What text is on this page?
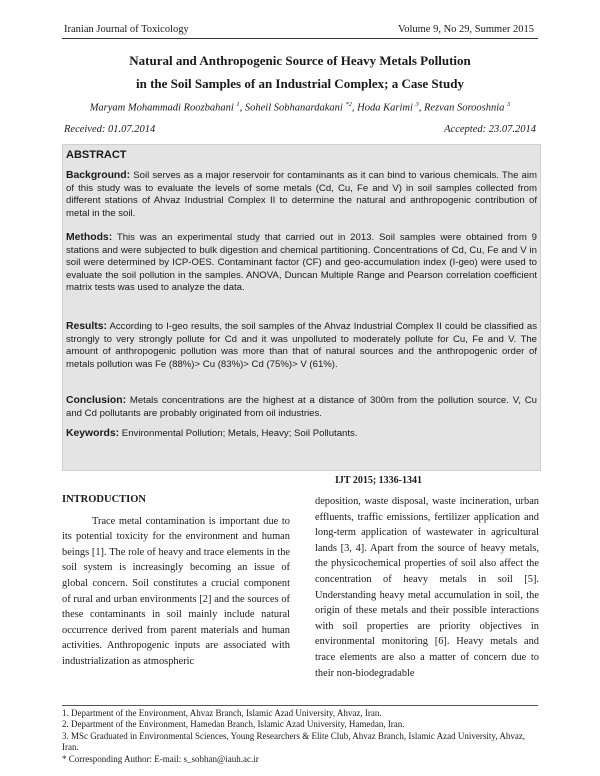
Iranian Journal of Toxicology	Volume 9, No 29, Summer 2015
Natural and Anthropogenic Source of Heavy Metals Pollution
in the Soil Samples of an Industrial Complex; a Case Study
Maryam Mohammadi Roozbahani $^1$, Soheil Sobhanardakani $^{*2}$, Hoda Karimi $^3$, Rezvan Sorooshnia $^3$
Received: 01.07.2014	Accepted: 23.07.2014
ABSTRACT

Background: Soil serves as a major reservoir for contaminants as it can bind to various chemicals. The aim of this study was to evaluate the levels of some metals (Cd, Cu, Fe and V) in soil samples collected from different stations of Ahvaz Industrial Complex II to determine the natural and anthropogenic contribution of metal in the soil.

Methods: This was an experimental study that carried out in 2013. Soil samples were obtained from 9 stations and were subjected to bulk digestion and chemical partitioning. Concentrations of Cd, Cu, Fe and V in soil were determined by ICP-OES. Contaminant factor (CF) and geo-accumulation index (I-geo) were used to evaluate the soil pollution in the samples. ANOVA, Duncan Multiple Range and Pearson correlation coefficient matrix tests was used to analyze the data.

Results: According to I-geo results, the soil samples of the Ahvaz Industrial Complex II could be classified as strongly to very strongly pollute for Cd and it was unpolluted to moderately pollute for Cu, Fe and V. The amount of anthropogenic pollution was more than that of natural sources and the anthropogenic order of metals pollution was Fe (88%)> Cu (83%)> Cd (75%)> V (61%).

Conclusion: Metals concentrations are the highest at a distance of 300m from the pollution source. V, Cu and Cd pollutants are probably originated from oil industries.

Keywords: Environmental Pollution; Metals, Heavy; Soil Pollutants.

IJT 2015; 1336-1341
INTRODUCTION

Trace metal contamination is important due to its potential toxicity for the environment and human beings [1]. The role of heavy and trace elements in the soil system is increasingly becoming an issue of global concern. Soil constitutes a crucial component of rural and urban environments [2] and the sources of these contaminants in soil mainly include natural occurrence derived from parent materials and human activities. Anthropogenic inputs are associated with industrialization as atmospheric

deposition, waste disposal, waste incineration, urban effluents, traffic emissions, fertilizer application and long-term application of wastewater in agricultural lands [3, 4]. Apart from the source of heavy metals, the physicochemical properties of soil also affect the concentration of heavy metals in soil [5]. Understanding heavy metal accumulation in soil, the origin of these metals and their possible interactions with soil properties are priority objectives in environmental monitoring [6]. Heavy metals and trace elements are also a matter of concern due to their non-biodegradable

1. Department of the Environment, Ahvaz Branch, Islamic Azad University, Ahvaz, Iran.
2. Department of the Environment, Hamedan Branch, Islamic Azad University, Hamedan, Iran.
3. MSc Graduated in Environmental Sciences, Young Researchers & Elite Club, Ahvaz Branch, Islamic Azad University, Ahvaz, Iran.
* Corresponding Author: E-mail: s_sobhan@iauh.ac.ir
